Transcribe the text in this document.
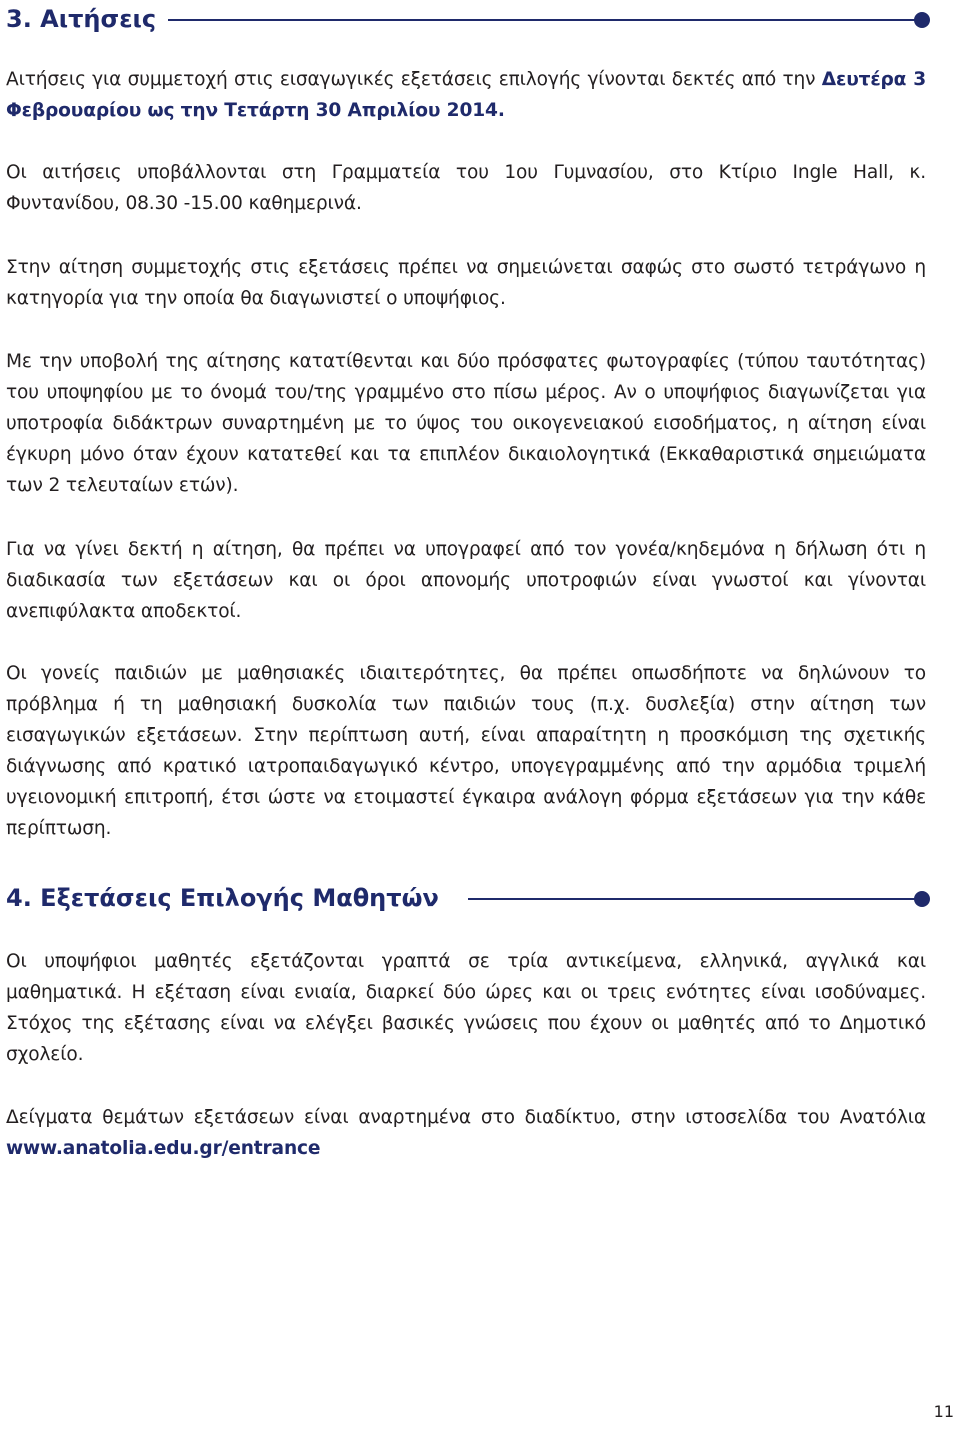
3. Αιτήσεις

Αιτήσεις για συμμετοχή στις εισαγωγικές εξετάσεις επιλογής γίνονται δεκτές από την Δευτέρα 3 Φεβρουαρίου ως την Τετάρτη 30 Απριλίου 2014.

Οι αιτήσεις υποβάλλονται στη Γραμματεία του 1ου Γυμνασίου, στο Κτίριο Ingle Hall, κ. Φυντανίδου, 08.30 -15.00 καθημερινά.

Στην αίτηση συμμετοχής στις εξετάσεις πρέπει να σημειώνεται σαφώς στο σωστό τετράγωνο η κατηγορία για την οποία θα διαγωνιστεί ο υποψήφιος.

Με την υποβολή της αίτησης κατατίθενται και δύο πρόσφατες φωτογραφίες (τύπου ταυτότητας) του υποψηφίου με το όνομά του/της γραμμένο στο πίσω μέρος. Αν ο υποψήφιος διαγωνίζεται για υποτροφία διδάκτρων συναρτημένη με το ύψος του οικογενειακού εισοδήματος, η αίτηση είναι έγκυρη μόνο όταν έχουν κατατεθεί και τα επιπλέον δικαιολογητικά (Εκκαθαριστικά σημειώματα των 2 τελευταίων ετών).

Για να γίνει δεκτή η αίτηση, θα πρέπει να υπογραφεί από τον γονέα/κηδεμόνα η δήλωση ότι η διαδικασία των εξετάσεων και οι όροι απονομής υποτροφιών είναι γνωστοί και γίνονται ανεπιφύλακτα αποδεκτοί.

Οι γονείς παιδιών με μαθησιακές ιδιαιτερότητες, θα πρέπει οπωσδήποτε να δηλώνουν το πρόβλημα ή τη μαθησιακή δυσκολία των παιδιών τους (π.χ. δυσλεξία) στην αίτηση των εισαγωγικών εξετάσεων. Στην περίπτωση αυτή, είναι απαραίτητη η προσκόμιση της σχετικής διάγνωσης από κρατικό ιατροπαιδαγωγικό κέντρο, υπογεγραμμένης από την αρμόδια τριμελή υγειονομική επιτροπή, έτσι ώστε να ετοιμαστεί έγκαιρα ανάλογη φόρμα εξετάσεων για την κάθε περίπτωση.

4. Εξετάσεις Επιλογής Μαθητών

Οι υποψήφιοι μαθητές εξετάζονται γραπτά σε τρία αντικείμενα, ελληνικά, αγγλικά και μαθηματικά. Η εξέταση είναι ενιαία, διαρκεί δύο ώρες και οι τρεις ενότητες είναι ισοδύναμες. Στόχος της εξέτασης είναι να ελέγξει βασικές γνώσεις που έχουν οι μαθητές από το Δημοτικό σχολείο.

Δείγματα θεμάτων εξετάσεων είναι αναρτημένα στο διαδίκτυο, στην ιστοσελίδα του Ανατόλια www.anatolia.edu.gr/entrance

11
